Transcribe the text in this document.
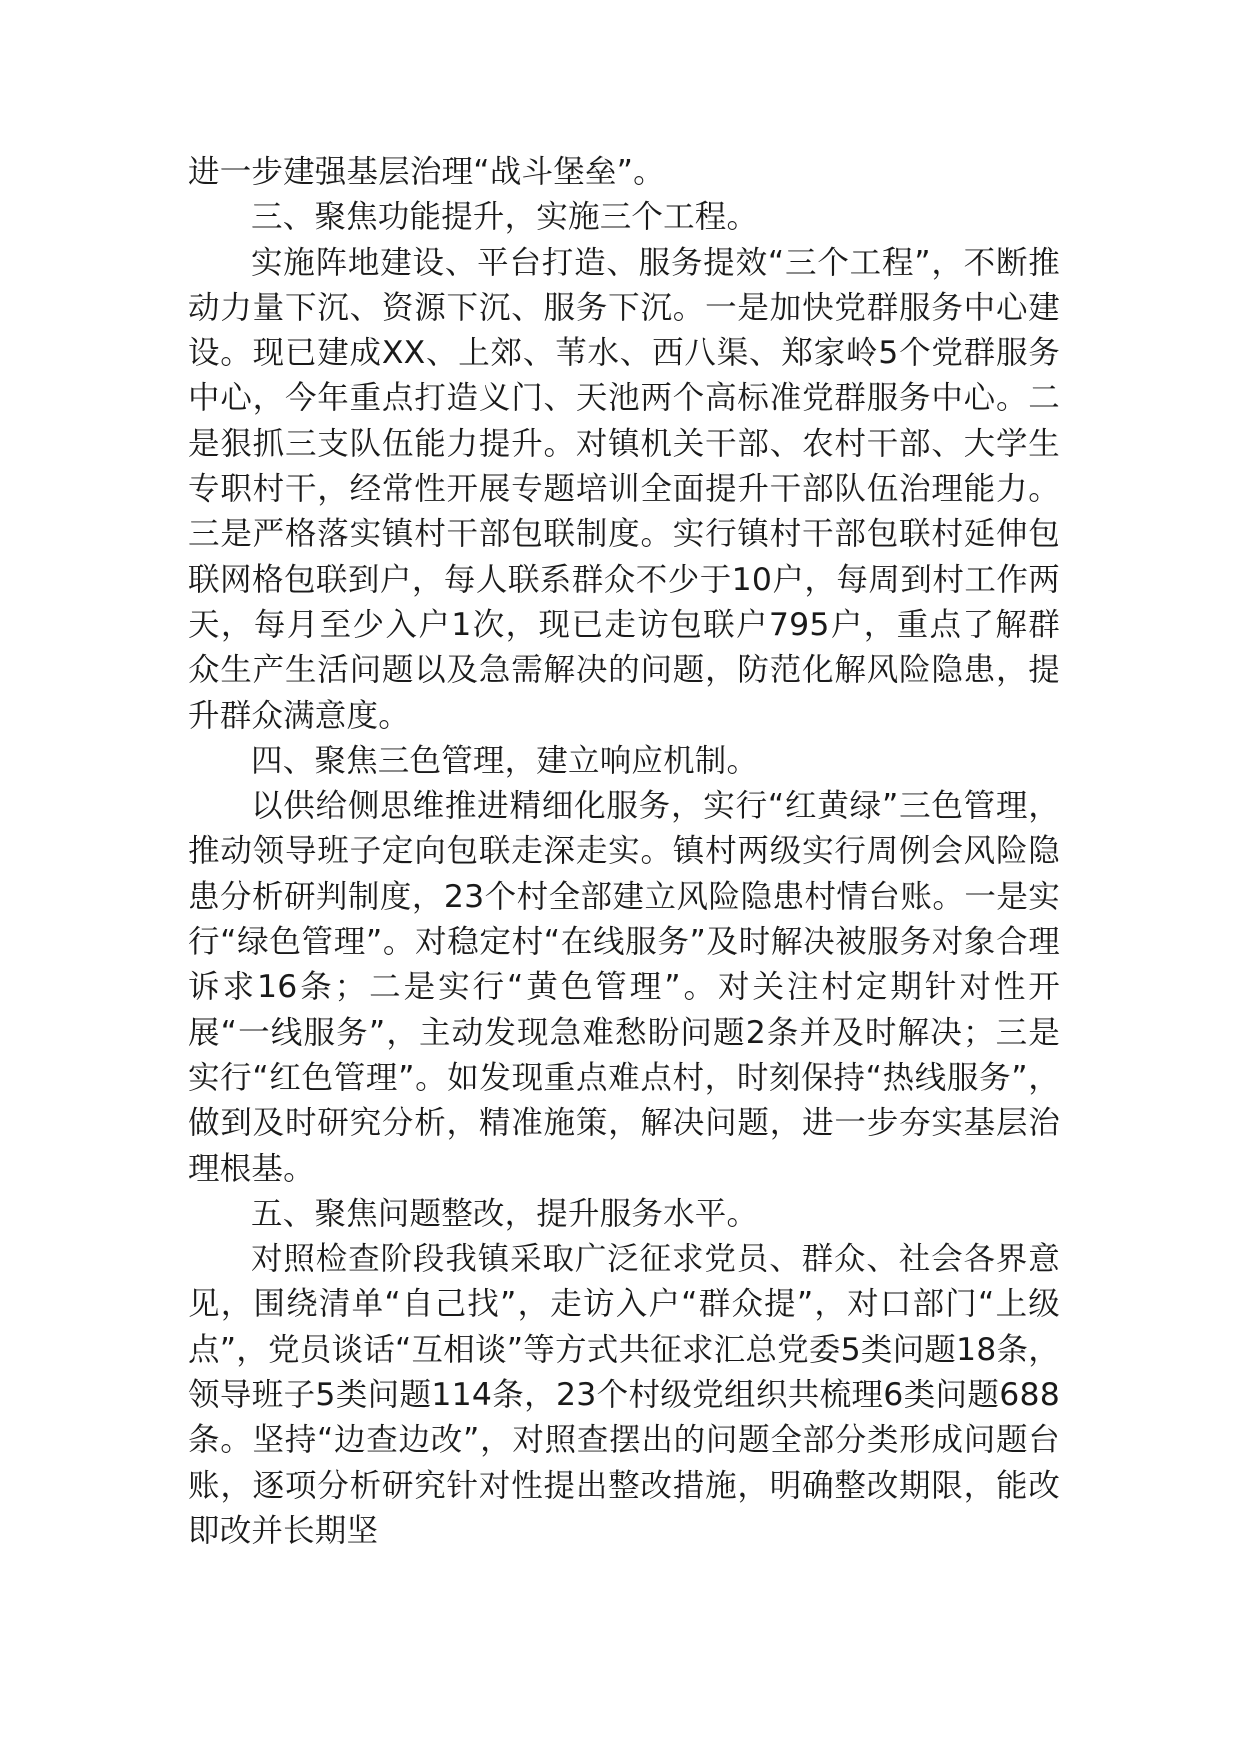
进一步建强基层治理“战斗堡垒”。

三、聚焦功能提升，实施三个工程。

实施阵地建设、平台打造、服务提效“三个工程”，不断推动力量下沉、资源下沉、服务下沉。一是加快党群服务中心建设。现已建成XX、上郊、苇水、西八渠、郑家岭5个党群服务中心，今年重点打造义门、天池两个高标准党群服务中心。二是狠抓三支队伍能力提升。对镇机关干部、农村干部、大学生专职村干，经常性开展专题培训全面提升干部队伍治理能力。三是严格落实镇村干部包联制度。实行镇村干部包联村延伸包联网格包联到户，每人联系群众不少于10户，每周到村工作两天，每月至少入户1次，现已走访包联户795户，重点了解群众生产生活问题以及急需解决的问题，防范化解风险隐患，提升群众满意度。

四、聚焦三色管理，建立响应机制。

以供给侧思维推进精细化服务，实行“红黄绿”三色管理，推动领导班子定向包联走深走实。镇村两级实行周例会风险隐患分析研判制度，23个村全部建立风险隐患村情台账。一是实行“绿色管理”。对稳定村“在线服务”及时解决被服务对象合理诉求16条；二是实行“黄色管理”。对关注村定期针对性开展“一线服务”，主动发现急难愁盼问题2条并及时解决；三是实行“红色管理”。如发现重点难点村，时刻保持“热线服务”，做到及时研究分析，精准施策，解决问题，进一步夯实基层治理根基。

五、聚焦问题整改，提升服务水平。

对照检查阶段我镇采取广泛征求党员、群众、社会各界意见，围绕清单“自己找”，走访入户“群众提”，对口部门“上级点”，党员谈话“互相谈”等方式共征求汇总党委5类问题18条，领导班子5类问题114条，23个村级党组织共梳理6类问题688条。坚持“边查边改”，对照查摆出的问题全部分类形成问题台账，逐项分析研究针对性提出整改措施，明确整改期限，能改即改并长期坚
